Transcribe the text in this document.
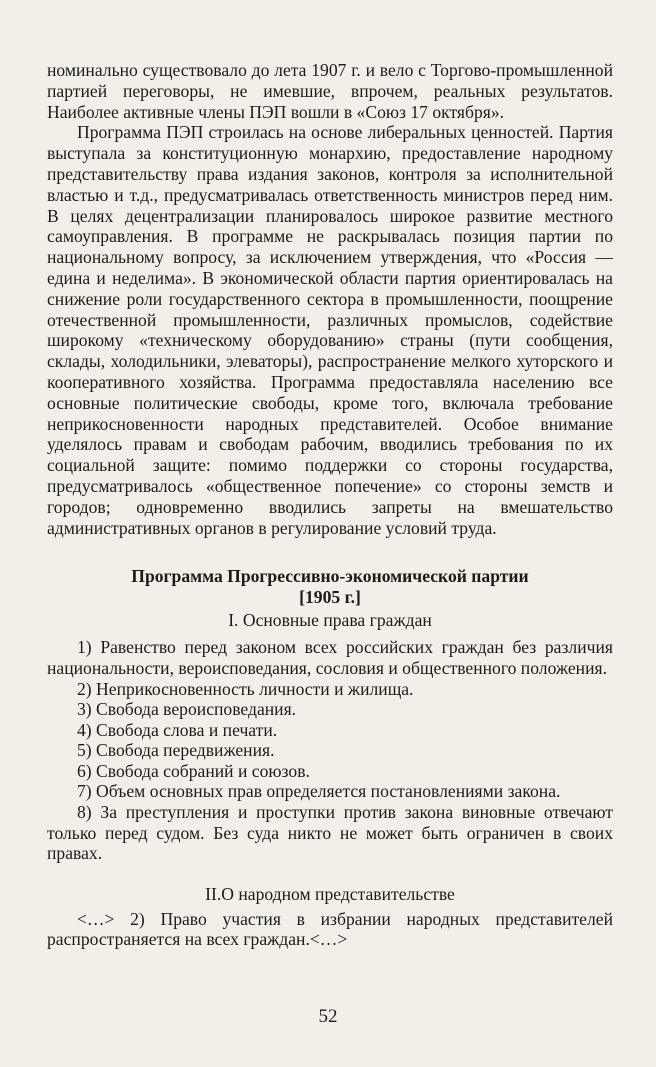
номинально существовало до лета 1907 г. и вело с Торгово-промышленной партией переговоры, не имевшие, впрочем, реальных результатов. Наиболее активные члены ПЭП вошли в «Союз 17 октября».

Программа ПЭП строилась на основе либеральных ценностей. Партия выступала за конституционную монархию, предоставление народному представительству права издания законов, контроля за исполнительной властью и т.д., предусматривалась ответственность министров перед ним. В целях децентрализации планировалось широкое развитие местного самоуправления. В программе не раскрывалась позиция партии по национальному вопросу, за исключением утверждения, что «Россия — едина и неделима». В экономической области партия ориентировалась на снижение роли государственного сектора в промышленности, поощрение отечественной промышленности, различных промыслов, содействие широкому «техническому оборудованию» страны (пути сообщения, склады, холодильники, элеваторы), распространение мелкого хуторского и кооперативного хозяйства. Программа предоставляла населению все основные политические свободы, кроме того, включала требование неприкосновенности народных представителей. Особое внимание уделялось правам и свободам рабочим, вводились требования по их социальной защите: помимо поддержки со стороны государства, предусматривалось «общественное попечение» со стороны земств и городов; одновременно вводились запреты на вмешательство административных органов в регулирование условий труда.

Программа Прогрессивно-экономической партии
[1905 г.]
I. Основные права граждан

1) Равенство перед законом всех российских граждан без различия национальности, вероисповедания, сословия и общественного положения.

2) Неприкосновенность личности и жилища.

3) Свобода вероисповедания.

4) Свобода слова и печати.

5) Свобода передвижения.

6) Свобода собраний и союзов.

7) Объем основных прав определяется постановлениями закона.

8) За преступления и проступки против закона виновные отвечают только перед судом. Без суда никто не может быть ограничен в своих правах.

II.О народном представительстве

<…> 2) Право участия в избрании народных представителей распространяется на всех граждан.<…>

52
